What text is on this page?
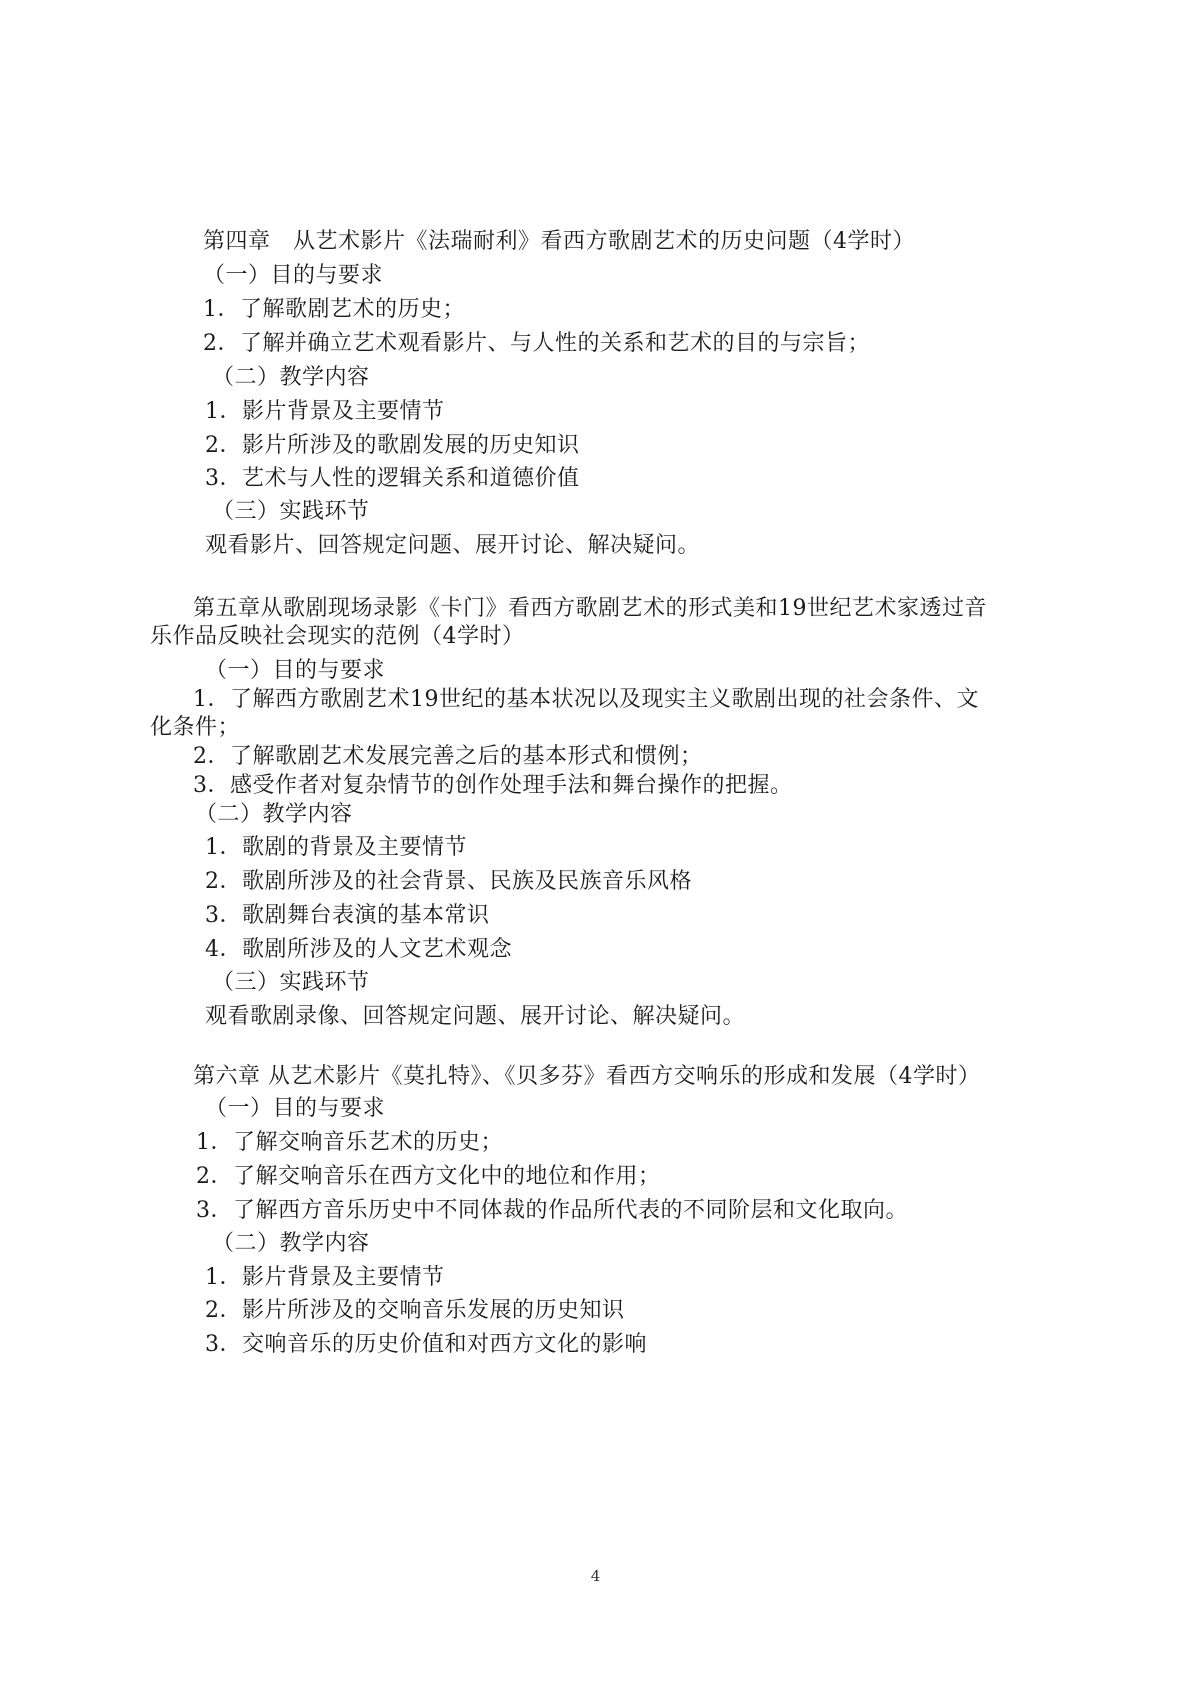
第四章　从艺术影片《法瑞耐利》看西方歌剧艺术的历史问题（4学时）
（一）目的与要求
1．了解歌剧艺术的历史；
2．了解并确立艺术观看影片、与人性的关系和艺术的目的与宗旨；
（二）教学内容
1．影片背景及主要情节
2．影片所涉及的歌剧发展的历史知识
3．艺术与人性的逻辑关系和道德价值
（三）实践环节
观看影片、回答规定问题、展开讨论、解决疑问。
第五章从歌剧现场录影《卡门》看西方歌剧艺术的形式美和19世纪艺术家透过音
乐作品反映社会现实的范例（4学时）
（一）目的与要求
1．了解西方歌剧艺术19世纪的基本状况以及现实主义歌剧出现的社会条件、文
化条件；
2．了解歌剧艺术发展完善之后的基本形式和惯例；
3．感受作者对复杂情节的创作处理手法和舞台操作的把握。
（二）教学内容
1．歌剧的背景及主要情节
2．歌剧所涉及的社会背景、民族及民族音乐风格
3．歌剧舞台表演的基本常识
4．歌剧所涉及的人文艺术观念
（三）实践环节
观看歌剧录像、回答规定问题、展开讨论、解决疑问。
第六章 从艺术影片《莫扎特》、《贝多芬》看西方交响乐的形成和发展（4学时）
（一）目的与要求
1．了解交响音乐艺术的历史；
2．了解交响音乐在西方文化中的地位和作用；
3．了解西方音乐历史中不同体裁的作品所代表的不同阶层和文化取向。
（二）教学内容
1．影片背景及主要情节
2．影片所涉及的交响音乐发展的历史知识
3．交响音乐的历史价值和对西方文化的影响
4
